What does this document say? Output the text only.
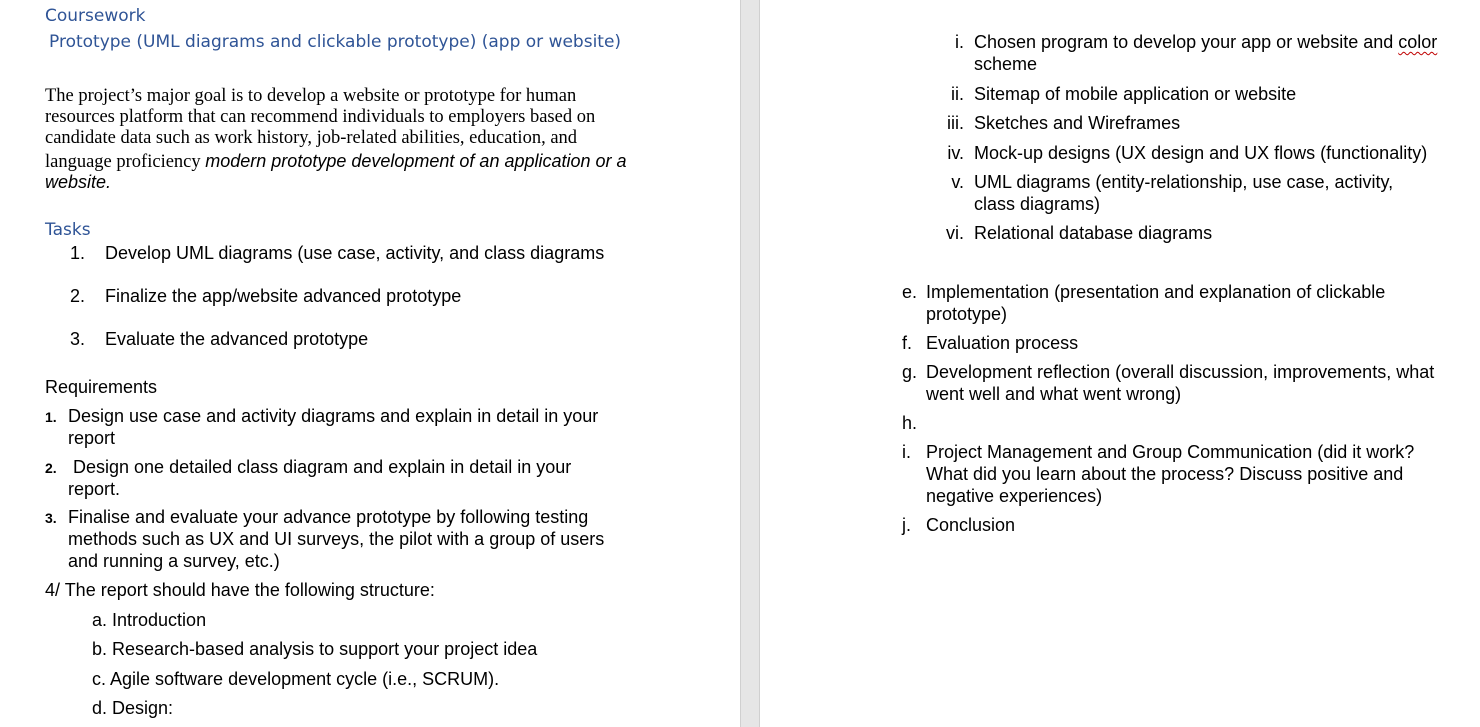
Coursework
Prototype (UML diagrams and clickable prototype) (app or website)
The project’s major goal is to develop a website or prototype for human
resources platform that can recommend individuals to employers based on
candidate data such as work history, job-related abilities, education, and
language proficiency modern prototype development of an application or a
website.
Tasks
1. Develop UML diagrams (use case, activity, and class diagrams
2. Finalize the app/website advanced prototype
3. Evaluate the advanced prototype
Requirements
1. Design use case and activity diagrams and explain in detail in your
report
2. Design one detailed class diagram and explain in detail in your
report.
3. Finalise and evaluate your advance prototype by following testing
methods such as UX and UI surveys, the pilot with a group of users
and running a survey, etc.)
4/ The report should have the following structure:
a. Introduction
b. Research-based analysis to support your project idea
c. Agile software development cycle (i.e., SCRUM).
d. Design:
i. Chosen program to develop your app or website and color
scheme
ii. Sitemap of mobile application or website
iii. Sketches and Wireframes
iv. Mock-up designs (UX design and UX flows (functionality)
v. UML diagrams (entity-relationship, use case, activity,
class diagrams)
vi. Relational database diagrams
e. Implementation (presentation and explanation of clickable
prototype)
f. Evaluation process
g. Development reflection (overall discussion, improvements, what
went well and what went wrong)
h.
i. Project Management and Group Communication (did it work?
What did you learn about the process? Discuss positive and
negative experiences)
j. Conclusion
